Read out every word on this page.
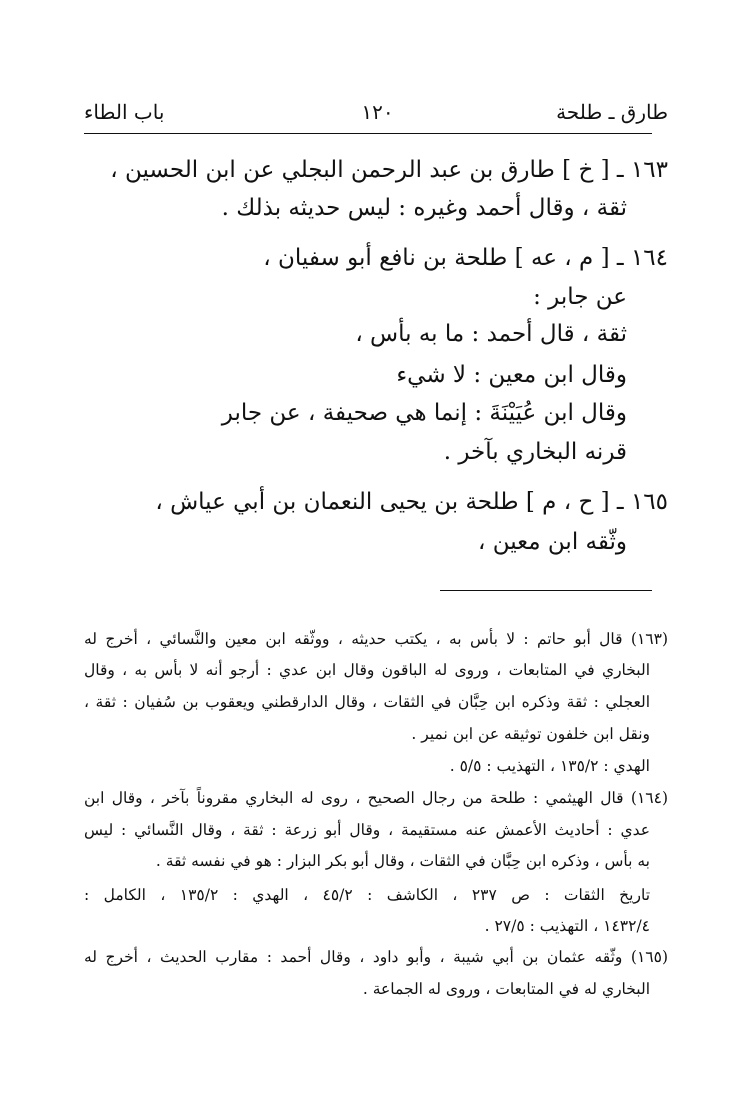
طارق ـ طلحة
١٢٠
باب الطاء
١٦٣ ـ [ خ ] طارق بن عبد الرحمن البجلي عن ابن الحسين ،
ثقة ، وقال أحمد وغيره : ليس حديثه بذلك .
١٦٤ ـ [ م ، عه ] طلحة بن نافع أبو سفيان ،
عن جابر :
ثقة ، قال أحمد : ما به بأس ،
وقال ابن معين : لا شيء
وقال ابن عُيَيْنَةَ : إنما هي صحيفة ، عن جابر
قرنه البخاري بآخر .
١٦٥ ـ [ ح ، م ] طلحة بن يحيى النعمان بن أبي عياش ،
وثّقه ابن معين ،
(١٦٣) قال أبو حاتم : لا بأس به ، يكتب حديثه ، ووثّقه ابن معين والنَّسائي ، أخرج له
البخاري في المتابعات ، وروى له الباقون وقال ابن عدي : أرجو أنه لا بأس به ، وقال
العجلي : ثقة وذكره ابن حِبَّان في الثقات ، وقال الدارقطني ويعقوب بن سُفيان : ثقة ،
ونقل ابن خلفون توثيقه عن ابن نمير .
الهدي : ١٣٥/٢ ، التهذيب : ٥/٥ .
(١٦٤) قال الهيثمي : طلحة من رجال الصحيح ، روى له البخاري مقروناً بآخر ، وقال ابن
عدي : أحاديث الأعمش عنه مستقيمة ، وقال أبو زرعة : ثقة ، وقال النَّسائي : ليس
به بأس ، وذكره ابن حِبَّان في الثقات ، وقال أبو بكر البزار : هو في نفسه ثقة .
تاريخ الثقات : ص ٢٣٧ ، الكاشف : ٤٥/٢ ، الهدي : ١٣٥/٢ ، الكامل :
١٤٣٢/٤ ، التهذيب : ٢٧/٥ .
(١٦٥) وثّقه عثمان بن أبي شيبة ، وأبو داود ، وقال أحمد : مقارب الحديث ، أخرج له
البخاري له في المتابعات ، وروى له الجماعة .
